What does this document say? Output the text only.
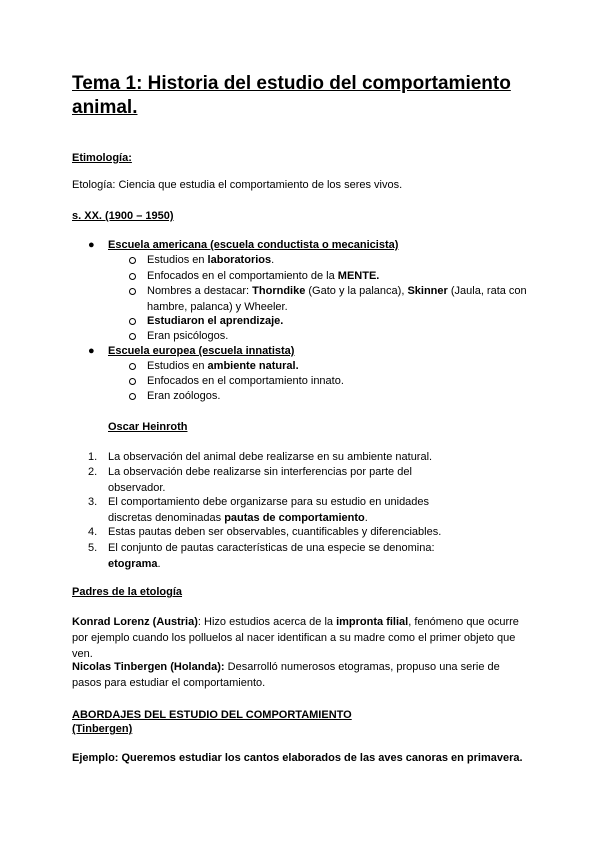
Tema 1: Historia del estudio del comportamiento animal.
Etimología:
Etología: Ciencia que estudia el comportamiento de los seres vivos.
s. XX. (1900 – 1950)
● Escuela americana (escuela conductista o mecanicista)
Estudios en laboratorios.
Enfocados en el comportamiento de la MENTE.
Nombres a destacar: Thorndike (Gato y la palanca), Skinner (Jaula, rata con hambre, palanca) y Wheeler.
Estudiaron el aprendizaje.
Eran psicólogos.
● Escuela europea (escuela innatista)
Estudios en ambiente natural.
Enfocados en el comportamiento innato.
Eran zoólogos.
Oscar Heinroth
1. La observación del animal debe realizarse en su ambiente natural.
2. La observación debe realizarse sin interferencias por parte del observador.
3. El comportamiento debe organizarse para su estudio en unidades discretas denominadas pautas de comportamiento.
4. Estas pautas deben ser observables, cuantificables y diferenciables.
5. El conjunto de pautas características de una especie se denomina: etograma.
Padres de la etología
Konrad Lorenz (Austria): Hizo estudios acerca de la impronta filial, fenómeno que ocurre por ejemplo cuando los polluelos al nacer identifican a su madre como el primer objeto que ven.
Nicolas Tinbergen (Holanda): Desarrolló numerosos etogramas, propuso una serie de pasos para estudiar el comportamiento.
ABORDAJES DEL ESTUDIO DEL COMPORTAMIENTO
(Tinbergen)
Ejemplo: Queremos estudiar los cantos elaborados de las aves canoras en primavera.
